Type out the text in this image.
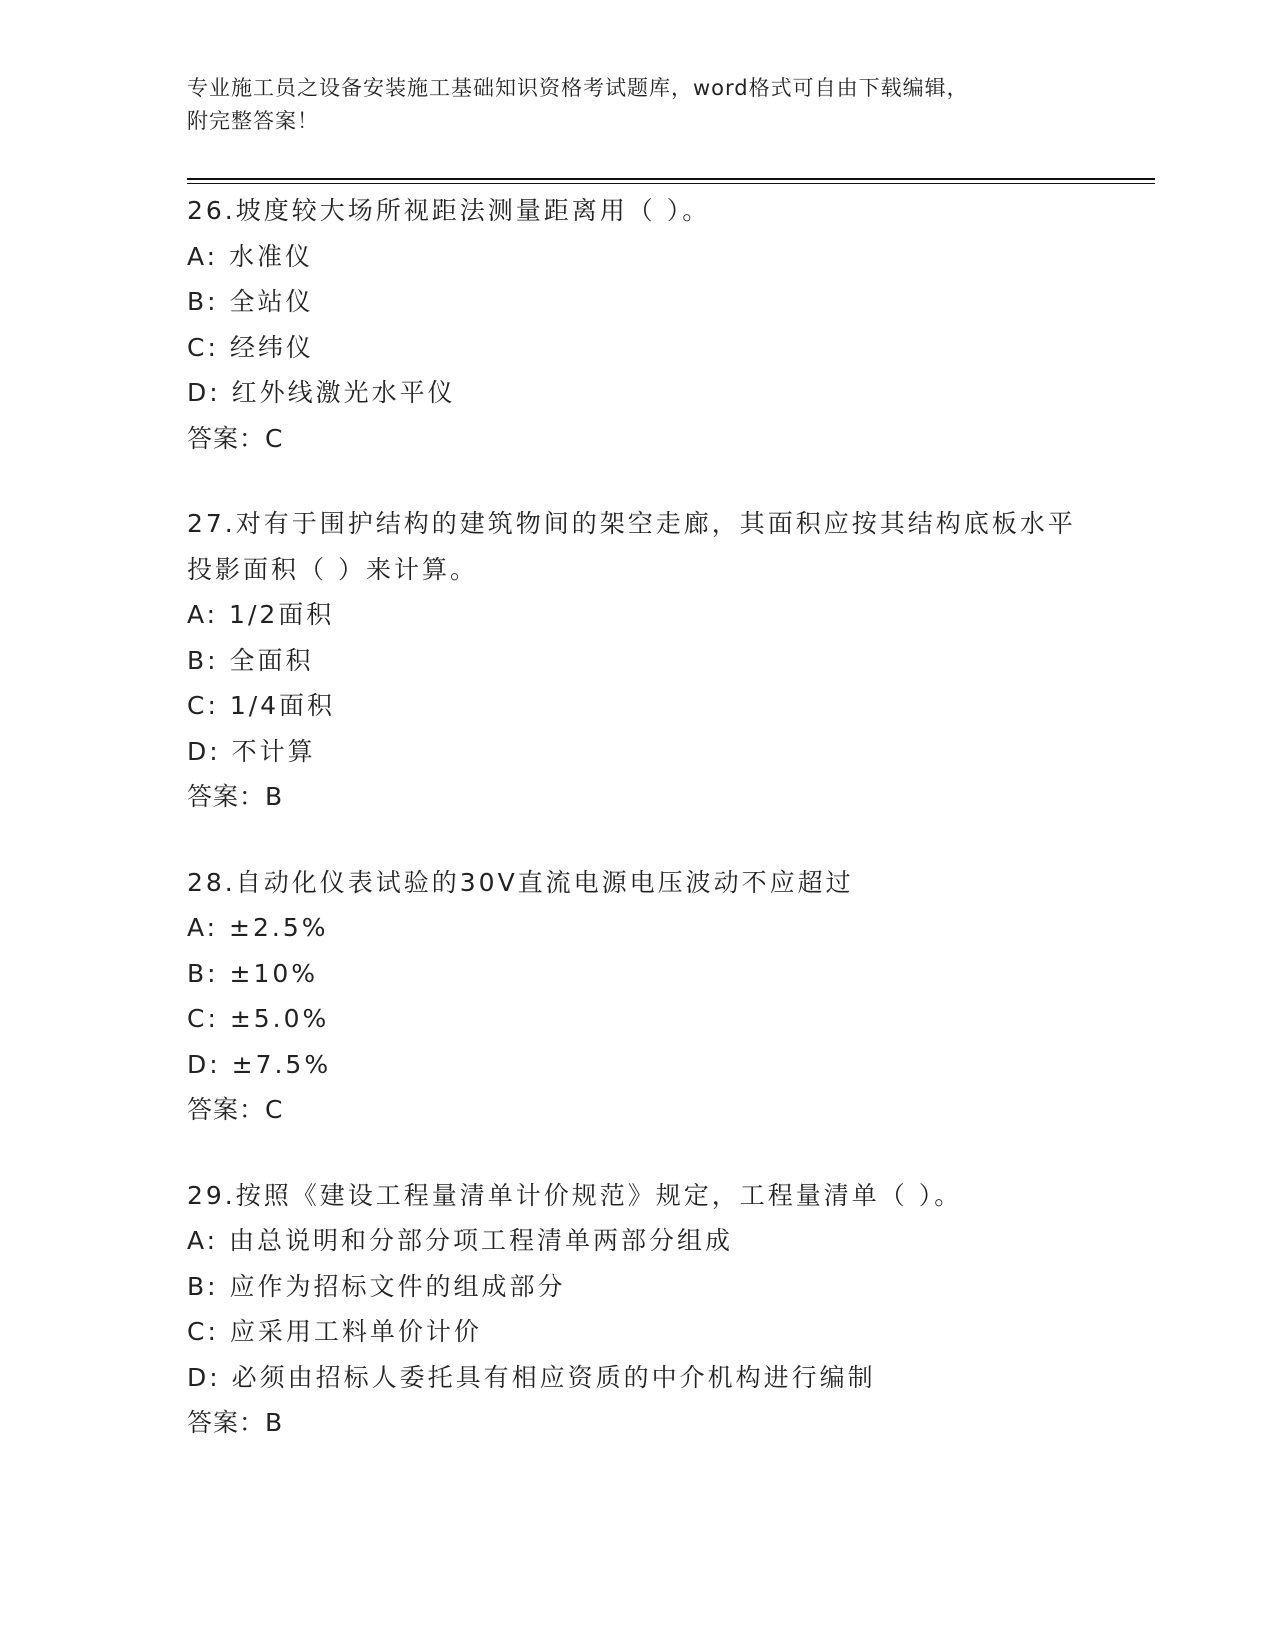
专业施工员之设备安装施工基础知识资格考试题库，word格式可自由下载编辑，
附完整答案！
26.坡度较大场所视距法测量距离用（ ）。
A: 水准仪
B: 全站仪
C: 经纬仪
D: 红外线激光水平仪
答案：C
27.对有于围护结构的建筑物间的架空走廊，其面积应按其结构底板水平投影面积（ ）来计算。
A: 1/2面积
B: 全面积
C: 1/4面积
D: 不计算
答案：B
28.自动化仪表试验的30V直流电源电压波动不应超过
A: ±2.5%
B: ±10%
C: ±5.0%
D: ±7.5%
答案：C
29.按照《建设工程量清单计价规范》规定，工程量清单（ ）。
A: 由总说明和分部分项工程清单两部分组成
B: 应作为招标文件的组成部分
C: 应采用工料单价计价
D: 必须由招标人委托具有相应资质的中介机构进行编制
答案：B
